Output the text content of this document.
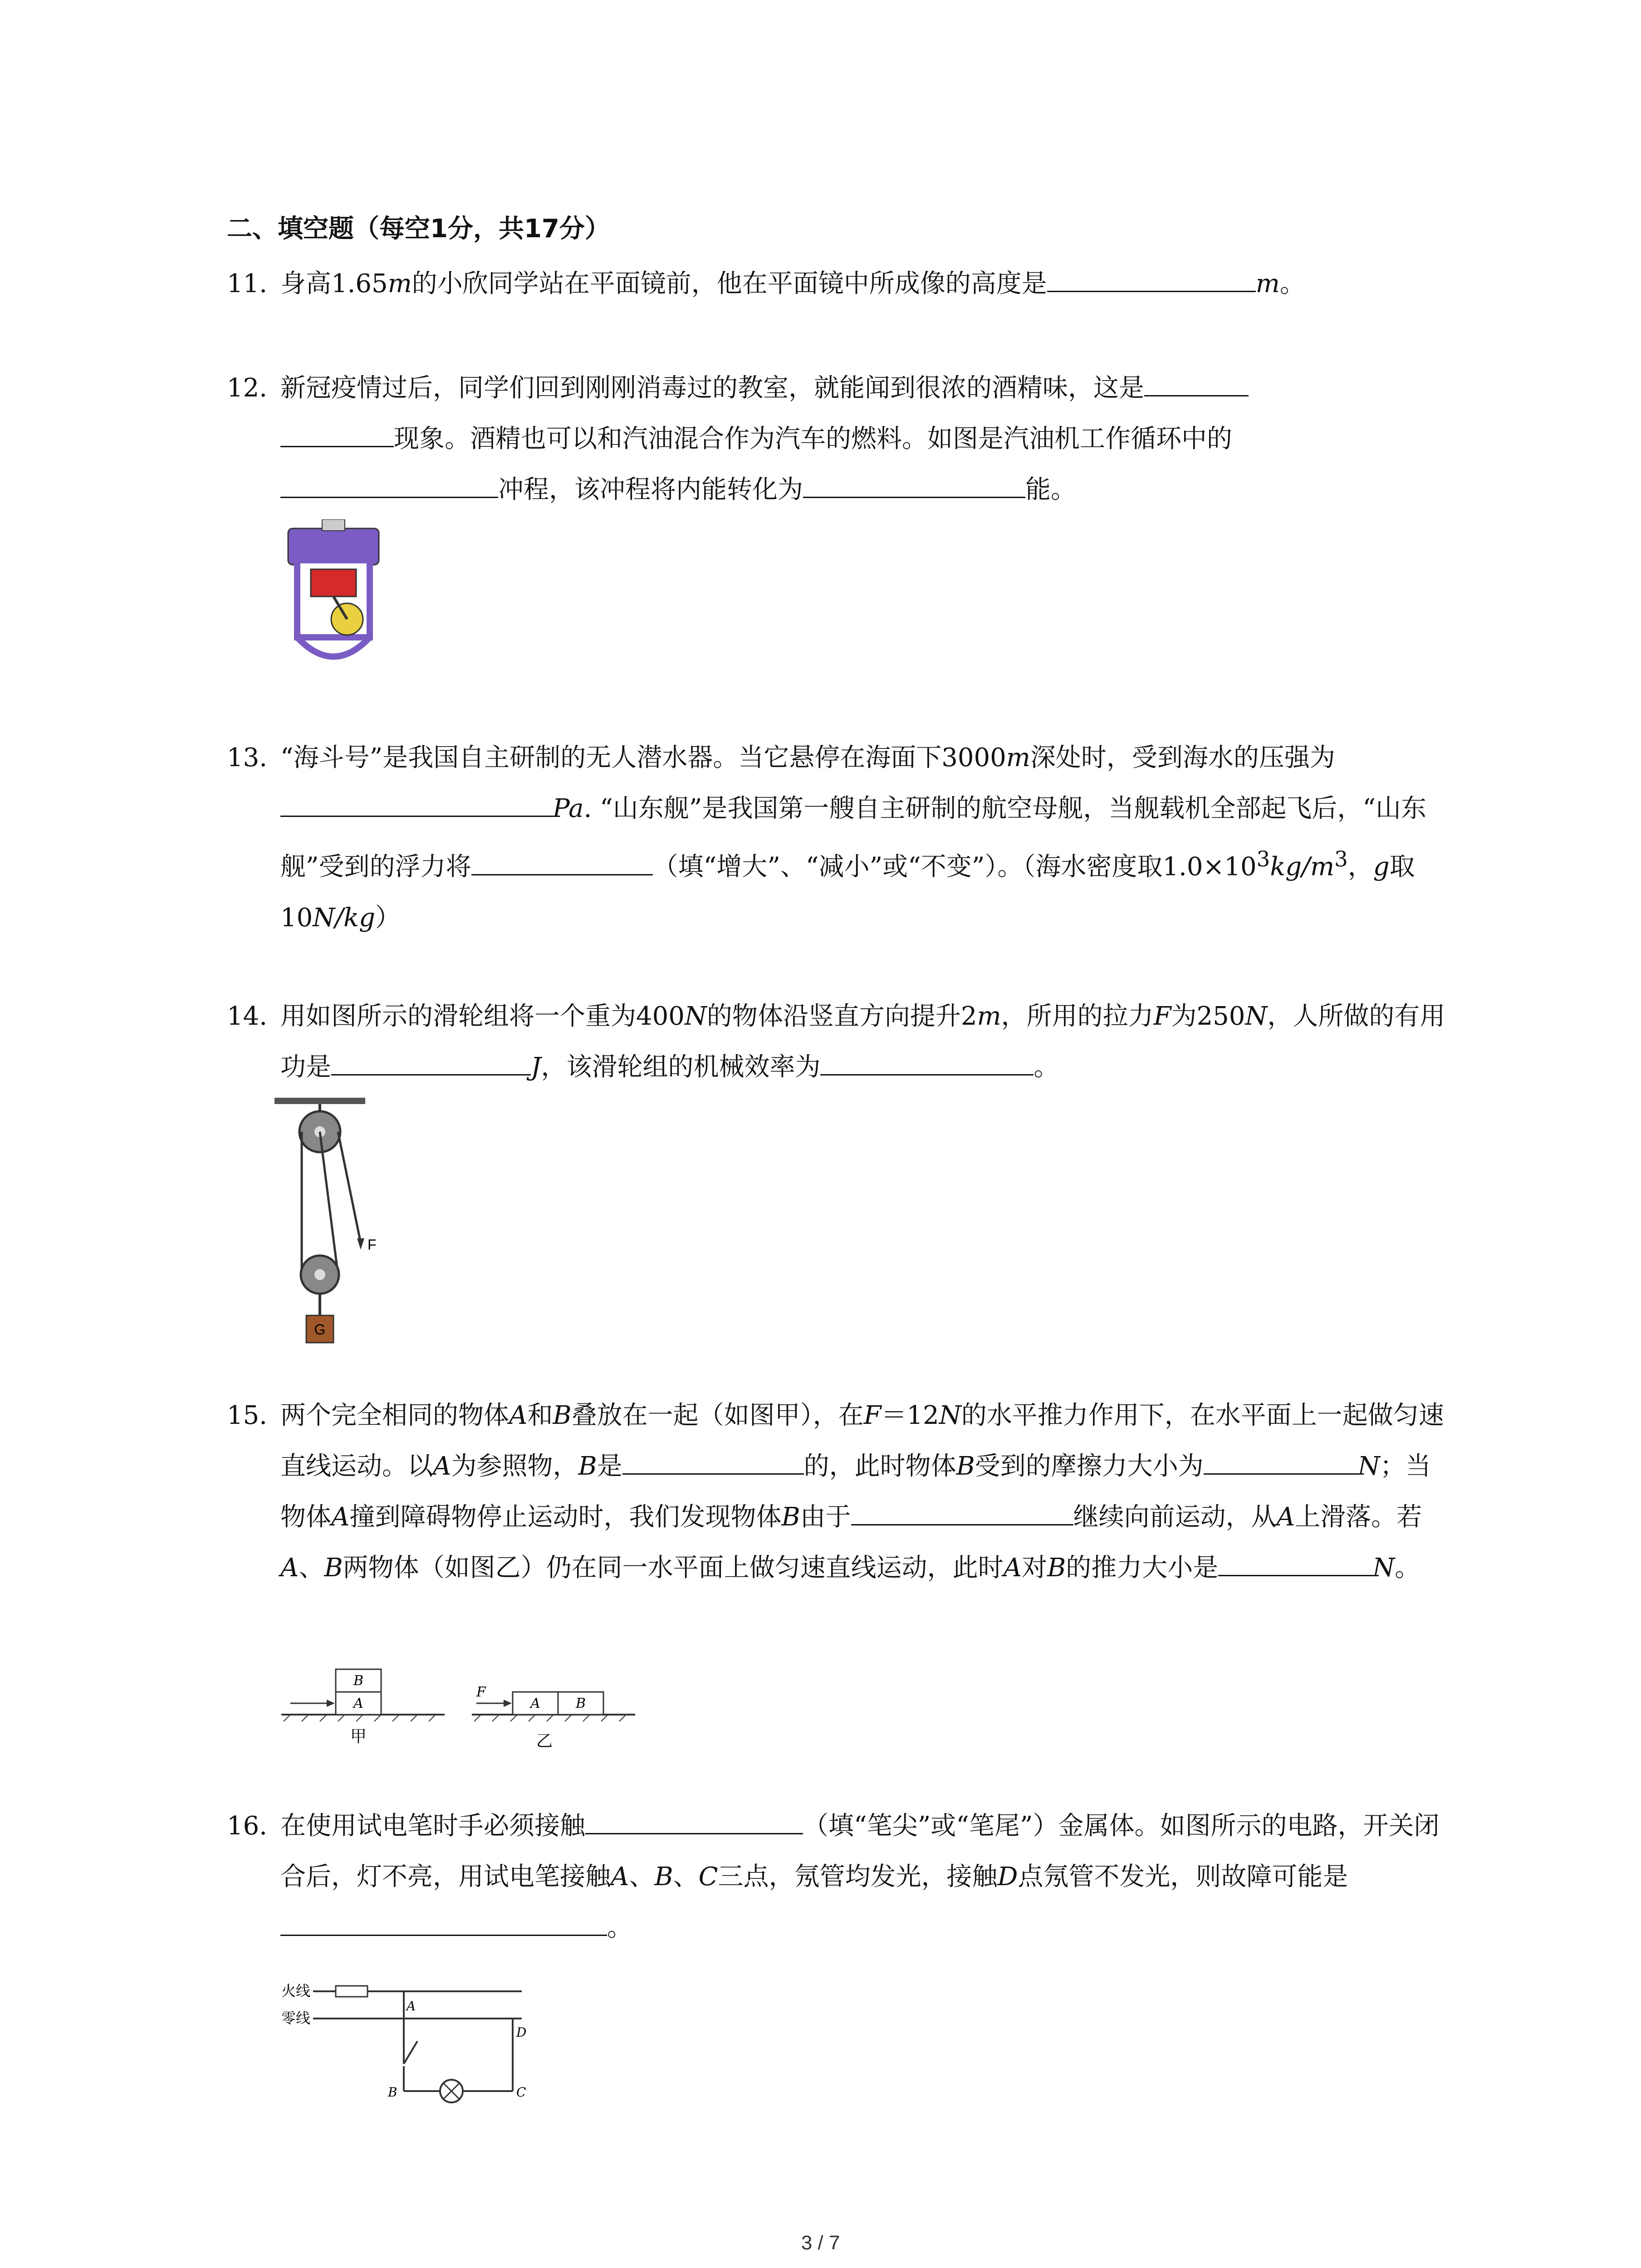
二、填空题（每空1分，共17分）
11. 身高1.65m的小欣同学站在平面镜前，他在平面镜中所成像的高度是	m。
12. 新冠疫情过后，同学们回到刚刚消毒过的教室，就能闻到很浓的酒精味，这是
现象。酒精也可以和汽油混合作为汽车的燃料。如图是汽油机工作循环中的
冲程，该冲程将内能转化为	能。
13. “海斗号”是我国自主研制的无人潜水器。当它悬停在海面下3000m深处时，受到海水的压强为Pa. “山东舰”是我国第一艘自主研制的航空母舰，当舰载机全部起飞后，“山东舰”受到的浮力将	（填“增大”、“减小”或“不变”）。（海水密度取$1.0\times 10^3kg/m^3$，g取10N/kg）
14. 用如图所示的滑轮组将一个重为400N的物体沿竖直方向提升2m，所用的拉力F为250N，人所做的有用功是	J，该滑轮组的机械效率为	。
F
G
15. 两个完全相同的物体A和B叠放在一起（如图甲），在F＝12N的水平推力作用下，在水平面上一起做匀速直线运动。以A为参照物，B是	的，此时物体B受到的摩擦力大小为	N；当物体A撞到障碍物停止运动时，我们发现物体B由于	继续向前运动，从A上滑落。若A、B两物体（如图乙）仍在同一水平面上做匀速直线运动，此时A对B的推力大小是	N。
B
A
甲
A	B
F
乙
16. 在使用试电笔时手必须接触	（填“笔尖”或“笔尾”）金属体。如图所示的电路，开关闭合后，灯不亮，用试电笔接触A、B、C三点，氖管均发光，接触D点氖管不发光，则故障可能是。
火线
零线
A
B
D
C
3 / 7
